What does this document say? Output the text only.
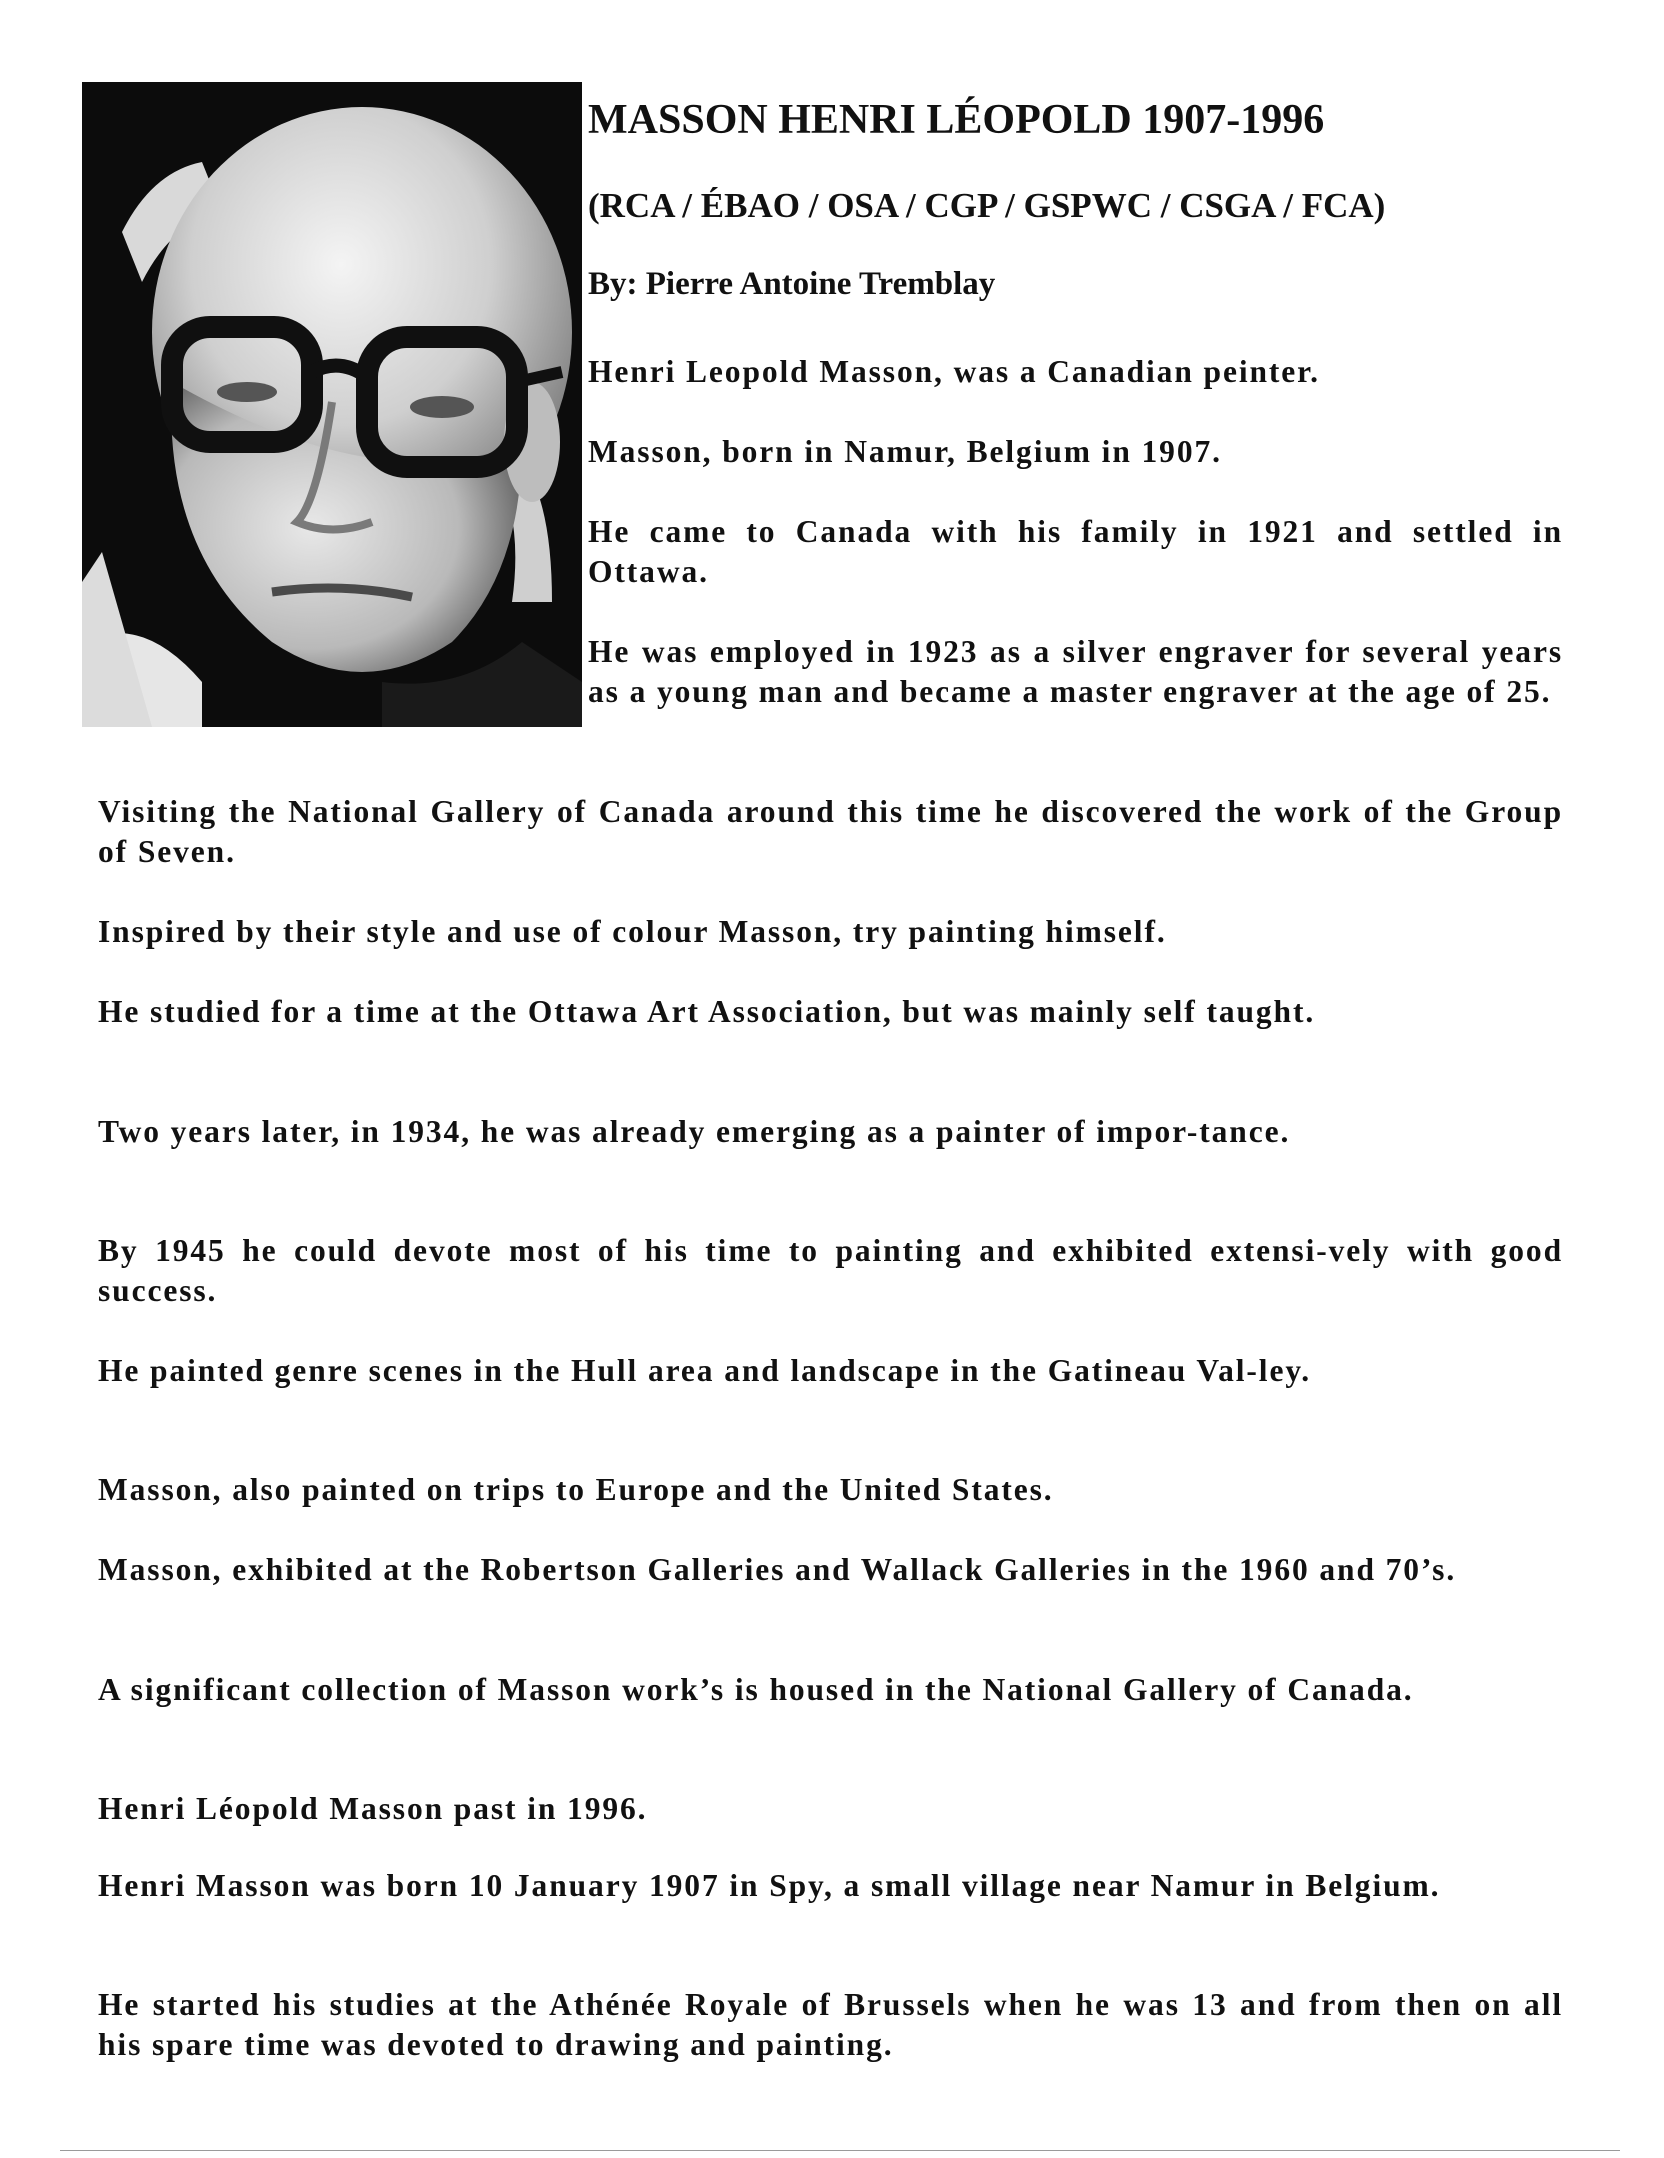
MASSON HENRI LÉOPOLD 1907-1996
(RCA / ÉBAO / OSA / CGP / GSPWC / CSGA / FCA)
By: Pierre Antoine Tremblay
Henri Leopold Masson, was a Canadian peinter.
Masson, born in Namur, Belgium in 1907.
He came to Canada with his family in 1921 and settled in Ottawa.
He was employed in 1923 as a silver engraver for several years as a young man and became a master engraver at the age of 25.
Visiting the National Gallery of Canada around this time he discovered the work of the Group of Seven.
Inspired by their style and use of colour Masson, try painting himself.
He studied for a time at the Ottawa Art Association, but was mainly self taught.
Two years later, in 1934, he was already emerging as a painter of impor-tance.
By 1945 he could devote most of his time to painting and exhibited extensi-vely with good success.
He painted genre scenes in the Hull area and landscape in the Gatineau Val-ley.
Masson, also painted on trips to Europe and the United States.
Masson, exhibited at the Robertson Galleries and Wallack Galleries in the 1960 and 70’s.
A significant collection of Masson work’s is housed in the National Gallery of Canada.
Henri Léopold Masson past in 1996.
Henri Masson was born 10 January 1907 in Spy, a small village near Namur in Belgium.
He started his studies at the Athénée Royale of Brussels when he was 13 and from then on all his spare time was devoted to drawing and painting.
